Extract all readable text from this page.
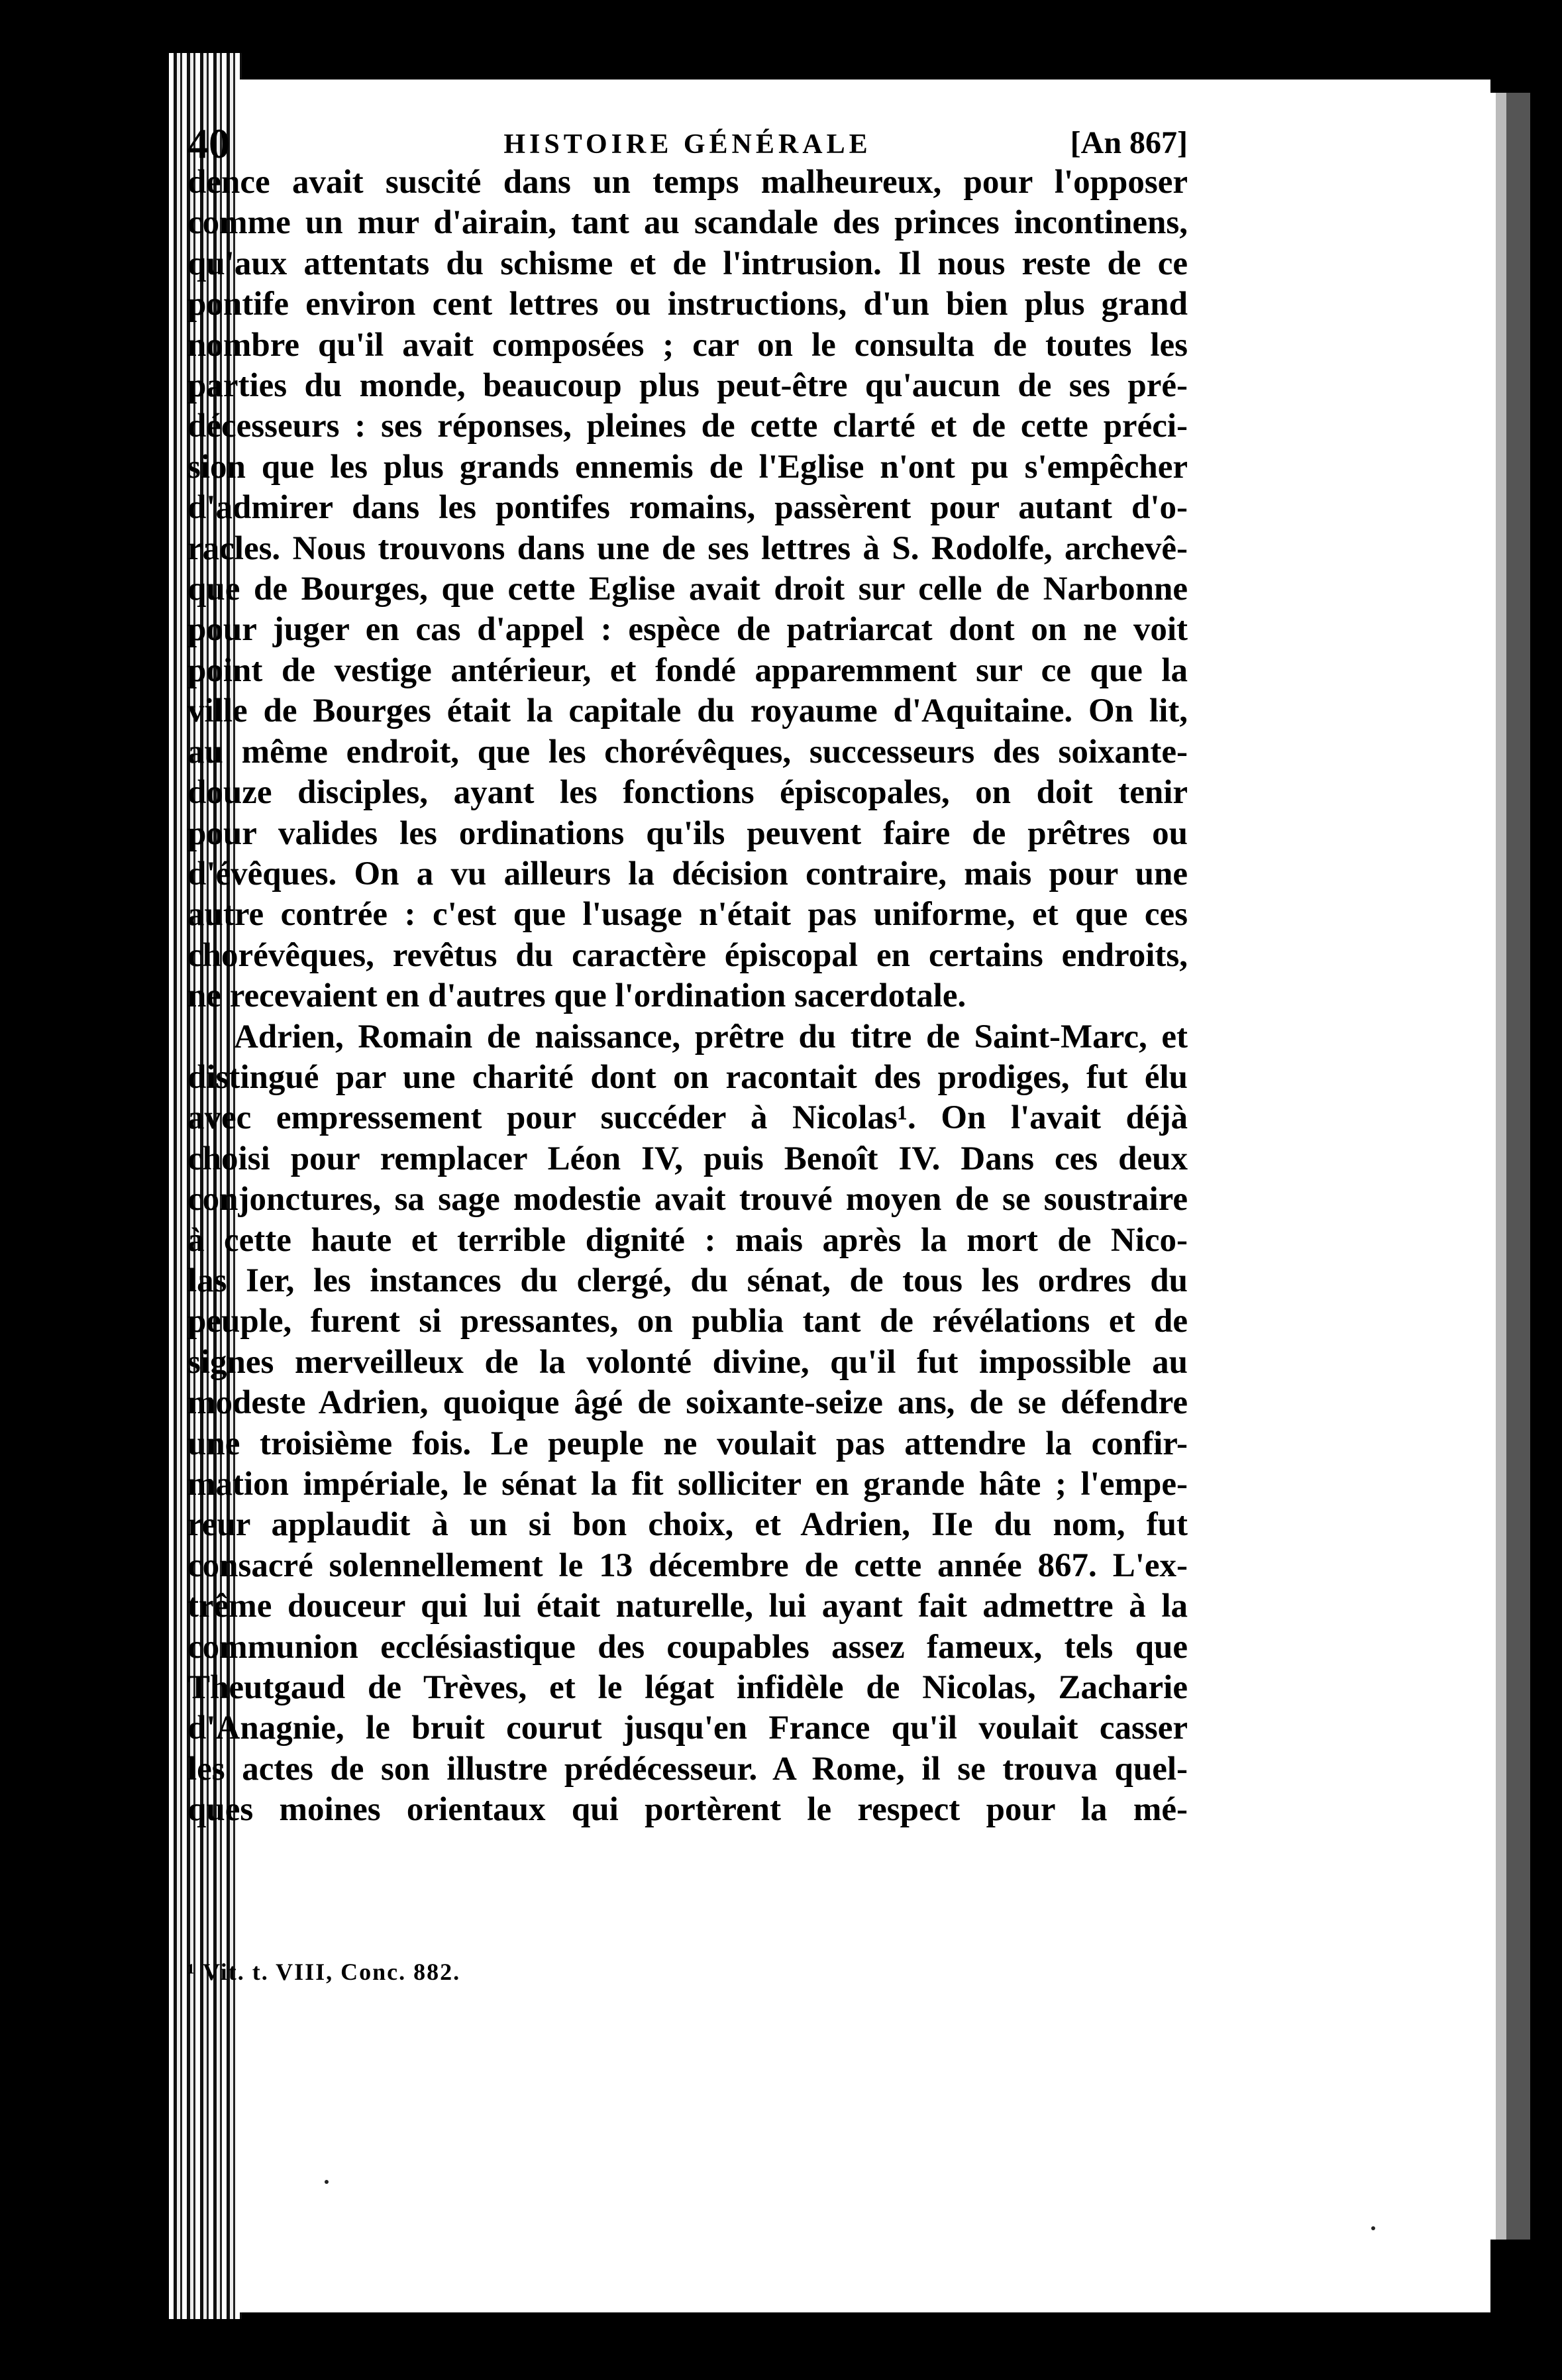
40	HISTOIRE GÉNÉRALE	[An 867]
dence avait suscité dans un temps malheureux, pour l'opposer
comme un mur d'airain, tant au scandale des princes incontinens,
qu'aux attentats du schisme et de l'intrusion. Il nous reste de ce
pontife environ cent lettres ou instructions, d'un bien plus grand
nombre qu'il avait composées ; car on le consulta de toutes les
parties du monde, beaucoup plus peut-être qu'aucun de ses pré-
décesseurs : ses réponses, pleines de cette clarté et de cette préci-
sion que les plus grands ennemis de l'Eglise n'ont pu s'empêcher
d'admirer dans les pontifes romains, passèrent pour autant d'o-
racles. Nous trouvons dans une de ses lettres à S. Rodolfe, archevê-
que de Bourges, que cette Eglise avait droit sur celle de Narbonne
pour juger en cas d'appel : espèce de patriarcat dont on ne voit
point de vestige antérieur, et fondé apparemment sur ce que la
ville de Bourges était la capitale du royaume d'Aquitaine. On lit,
au même endroit, que les chorévêques, successeurs des soixante-
douze disciples, ayant les fonctions épiscopales, on doit tenir
pour valides les ordinations qu'ils peuvent faire de prêtres ou
d'évêques. On a vu ailleurs la décision contraire, mais pour une
autre contrée : c'est que l'usage n'était pas uniforme, et que ces
chorévêques, revêtus du caractère épiscopal en certains endroits,
ne recevaient en d'autres que l'ordination sacerdotale.
Adrien, Romain de naissance, prêtre du titre de Saint-Marc, et
distingué par une charité dont on racontait des prodiges, fut élu
avec empressement pour succéder à Nicolas¹. On l'avait déjà
choisi pour remplacer Léon IV, puis Benoît IV. Dans ces deux
conjonctures, sa sage modestie avait trouvé moyen de se soustraire
à cette haute et terrible dignité : mais après la mort de Nico-
las Ier, les instances du clergé, du sénat, de tous les ordres du
peuple, furent si pressantes, on publia tant de révélations et de
signes merveilleux de la volonté divine, qu'il fut impossible au
modeste Adrien, quoique âgé de soixante-seize ans, de se défendre
une troisième fois. Le peuple ne voulait pas attendre la confir-
mation impériale, le sénat la fit solliciter en grande hâte ; l'empe-
reur applaudit à un si bon choix, et Adrien, IIe du nom, fut
consacré solennellement le 13 décembre de cette année 867. L'ex-
trême douceur qui lui était naturelle, lui ayant fait admettre à la
communion ecclésiastique des coupables assez fameux, tels que
Theutgaud de Trèves, et le légat infidèle de Nicolas, Zacharie
d'Anagnie, le bruit courut jusqu'en France qu'il voulait casser
les actes de son illustre prédécesseur. A Rome, il se trouva quel-
ques moines orientaux qui portèrent le respect pour la mé-
¹ Vit. t. VIII, Conc. 882.
